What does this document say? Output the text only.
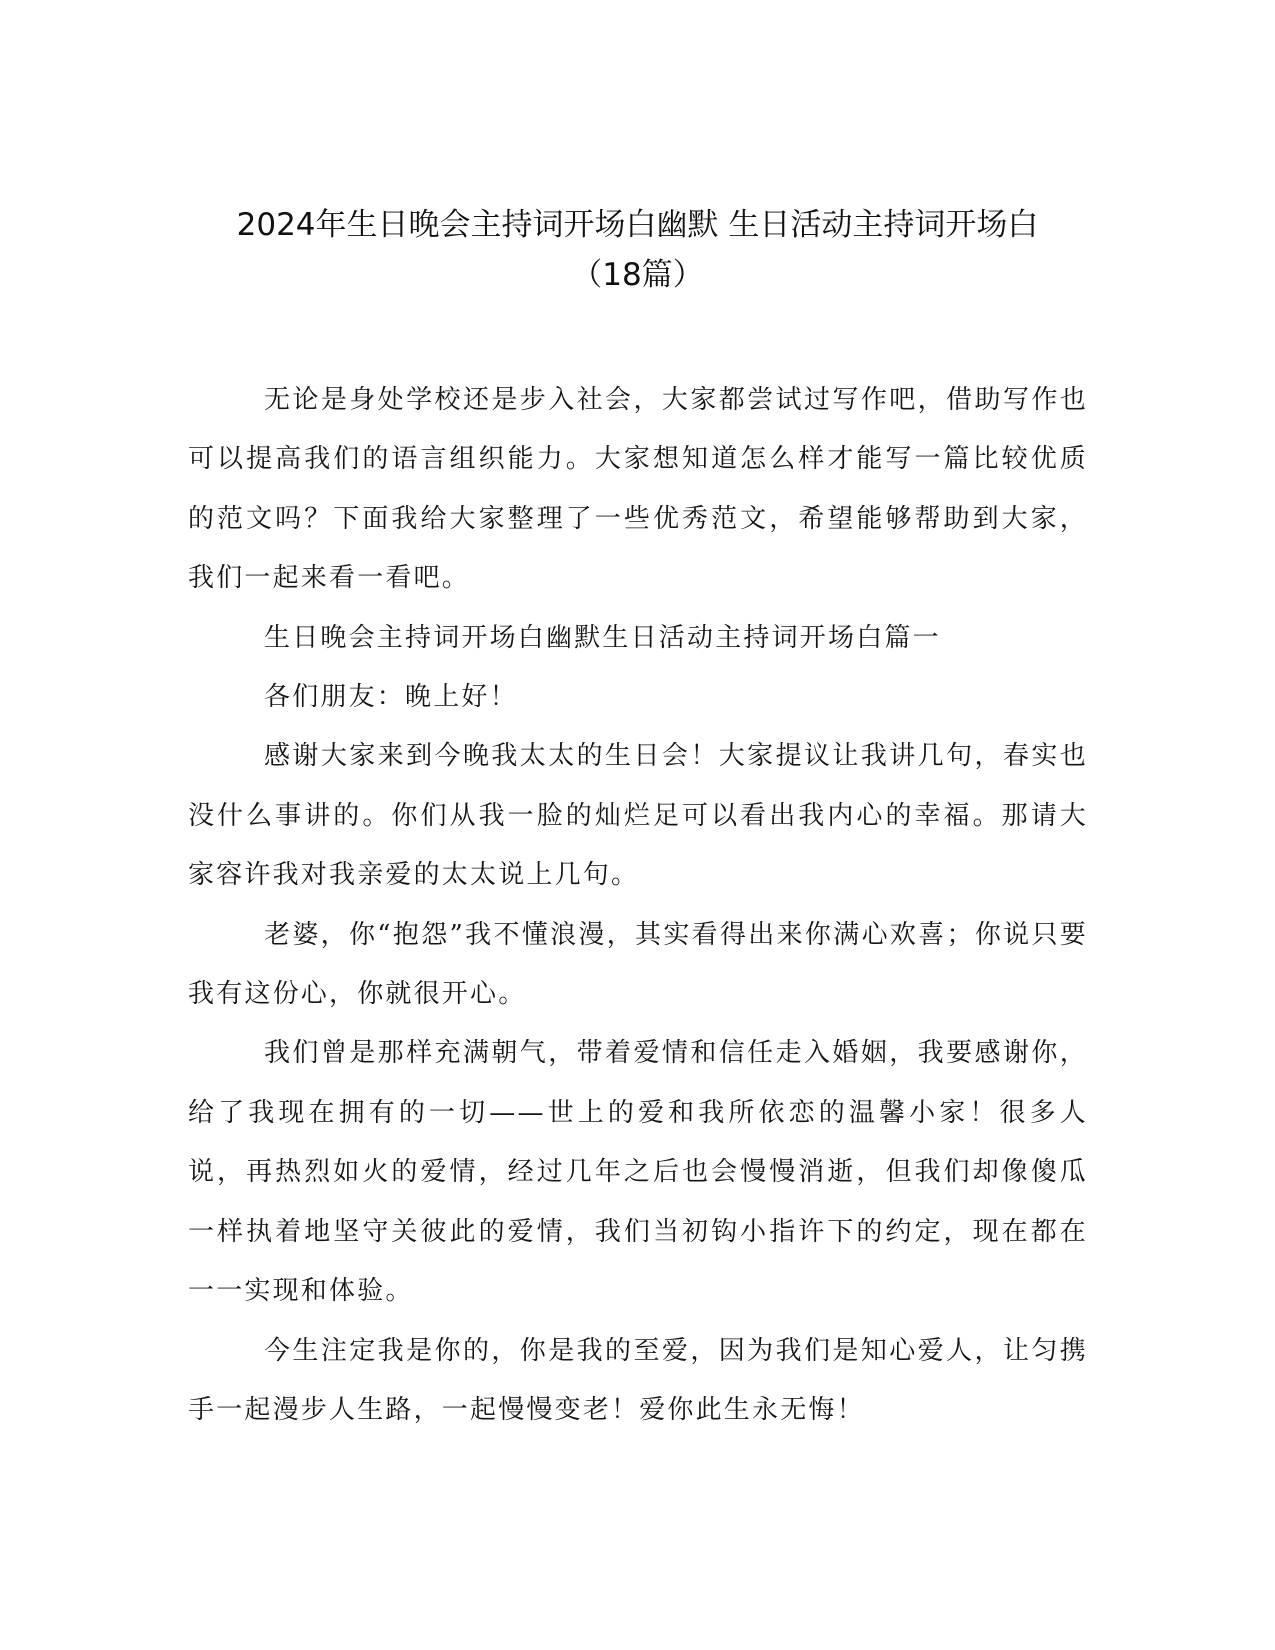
2024年生日晚会主持词开场白幽默 生日活动主持词开场白
（18篇）

无论是身处学校还是步入社会，大家都尝试过写作吧，借助写作也可以提高我们的语言组织能力。大家想知道怎么样才能写一篇比较优质的范文吗？下面我给大家整理了一些优秀范文，希望能够帮助到大家，我们一起来看一看吧。

生日晚会主持词开场白幽默生日活动主持词开场白篇一

各们朋友：晚上好！

感谢大家来到今晚我太太的生日会！大家提议让我讲几句，春实也没什么事讲的。你们从我一脸的灿烂足可以看出我内心的幸福。那请大家容许我对我亲爱的太太说上几句。

老婆，你“抱怨”我不懂浪漫，其实看得出来你满心欢喜；你说只要我有这份心，你就很开心。

我们曾是那样充满朝气，带着爱情和信任走入婚姻，我要感谢你，给了我现在拥有的一切——世上的爱和我所依恋的温馨小家！很多人说，再热烈如火的爱情，经过几年之后也会慢慢消逝，但我们却像傻瓜一样执着地坚守关彼此的爱情，我们当初钩小指许下的约定，现在都在一一实现和体验。

今生注定我是你的，你是我的至爱，因为我们是知心爱人，让匀携手一起漫步人生路，一起慢慢变老！爱你此生永无悔！
